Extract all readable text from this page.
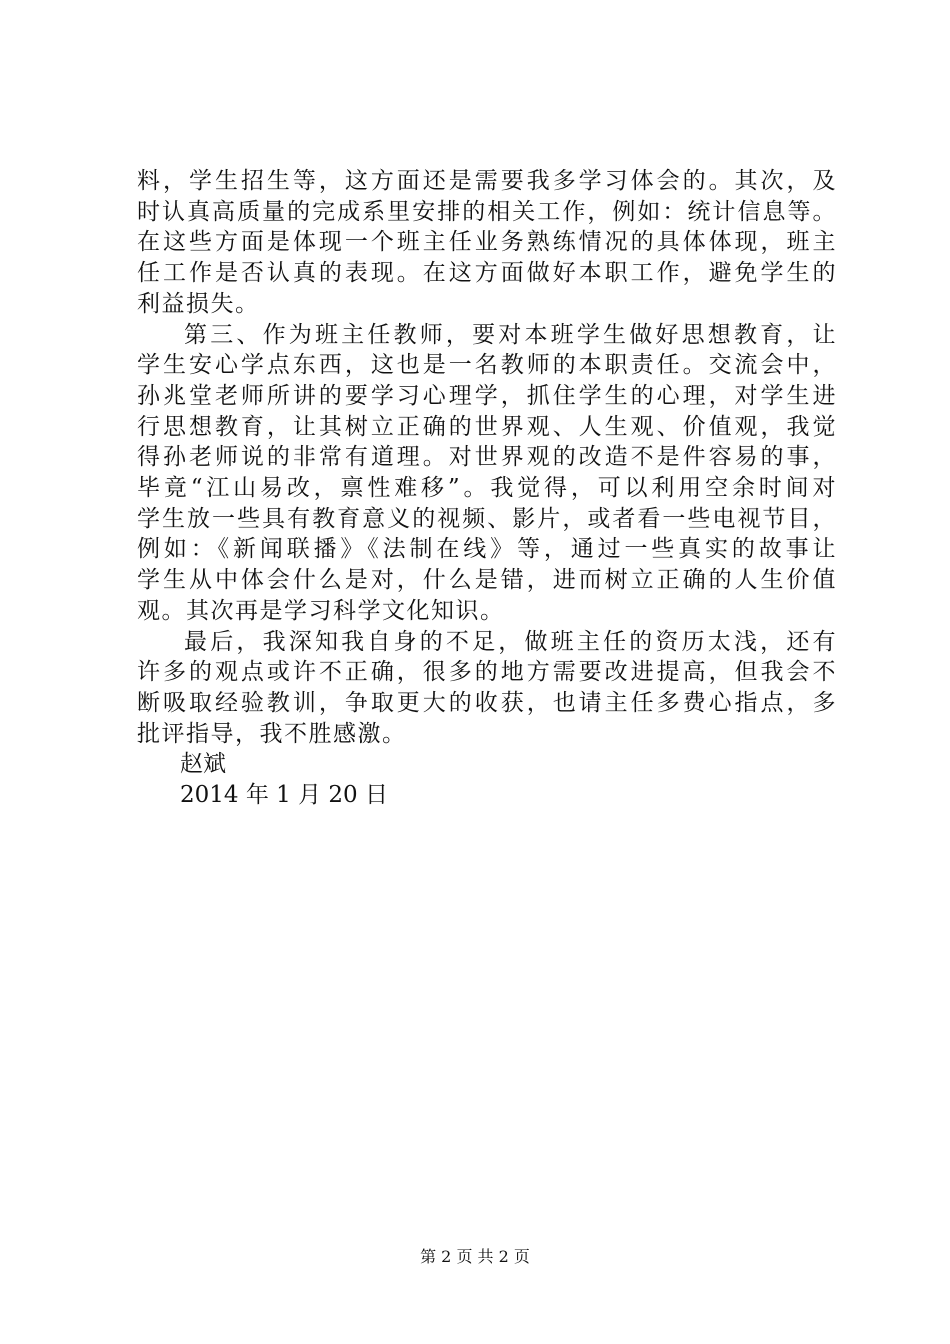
料，学生招生等，这方面还是需要我多学习体会的。其次，及
时认真高质量的完成系里安排的相关工作，例如：统计信息等。
在这些方面是体现一个班主任业务熟练情况的具体体现，班主
任工作是否认真的表现。在这方面做好本职工作，避免学生的
利益损失。
第三、作为班主任教师，要对本班学生做好思想教育，让
学生安心学点东西，这也是一名教师的本职责任。交流会中，
孙兆堂老师所讲的要学习心理学，抓住学生的心理，对学生进
行思想教育，让其树立正确的世界观、人生观、价值观，我觉
得孙老师说的非常有道理。对世界观的改造不是件容易的事，
毕竟“江山易改，禀性难移”。我觉得，可以利用空余时间对
学生放一些具有教育意义的视频、影片，或者看一些电视节目，
例如：《新闻联播》《法制在线》等，通过一些真实的故事让
学生从中体会什么是对，什么是错，进而树立正确的人生价值
观。其次再是学习科学文化知识。
最后，我深知我自身的不足，做班主任的资历太浅，还有
许多的观点或许不正确，很多的地方需要改进提高，但我会不
断吸取经验教训，争取更大的收获，也请主任多费心指点，多
批评指导，我不胜感激。
赵斌
2014 年 1 月 20 日
第 2 页 共 2 页
